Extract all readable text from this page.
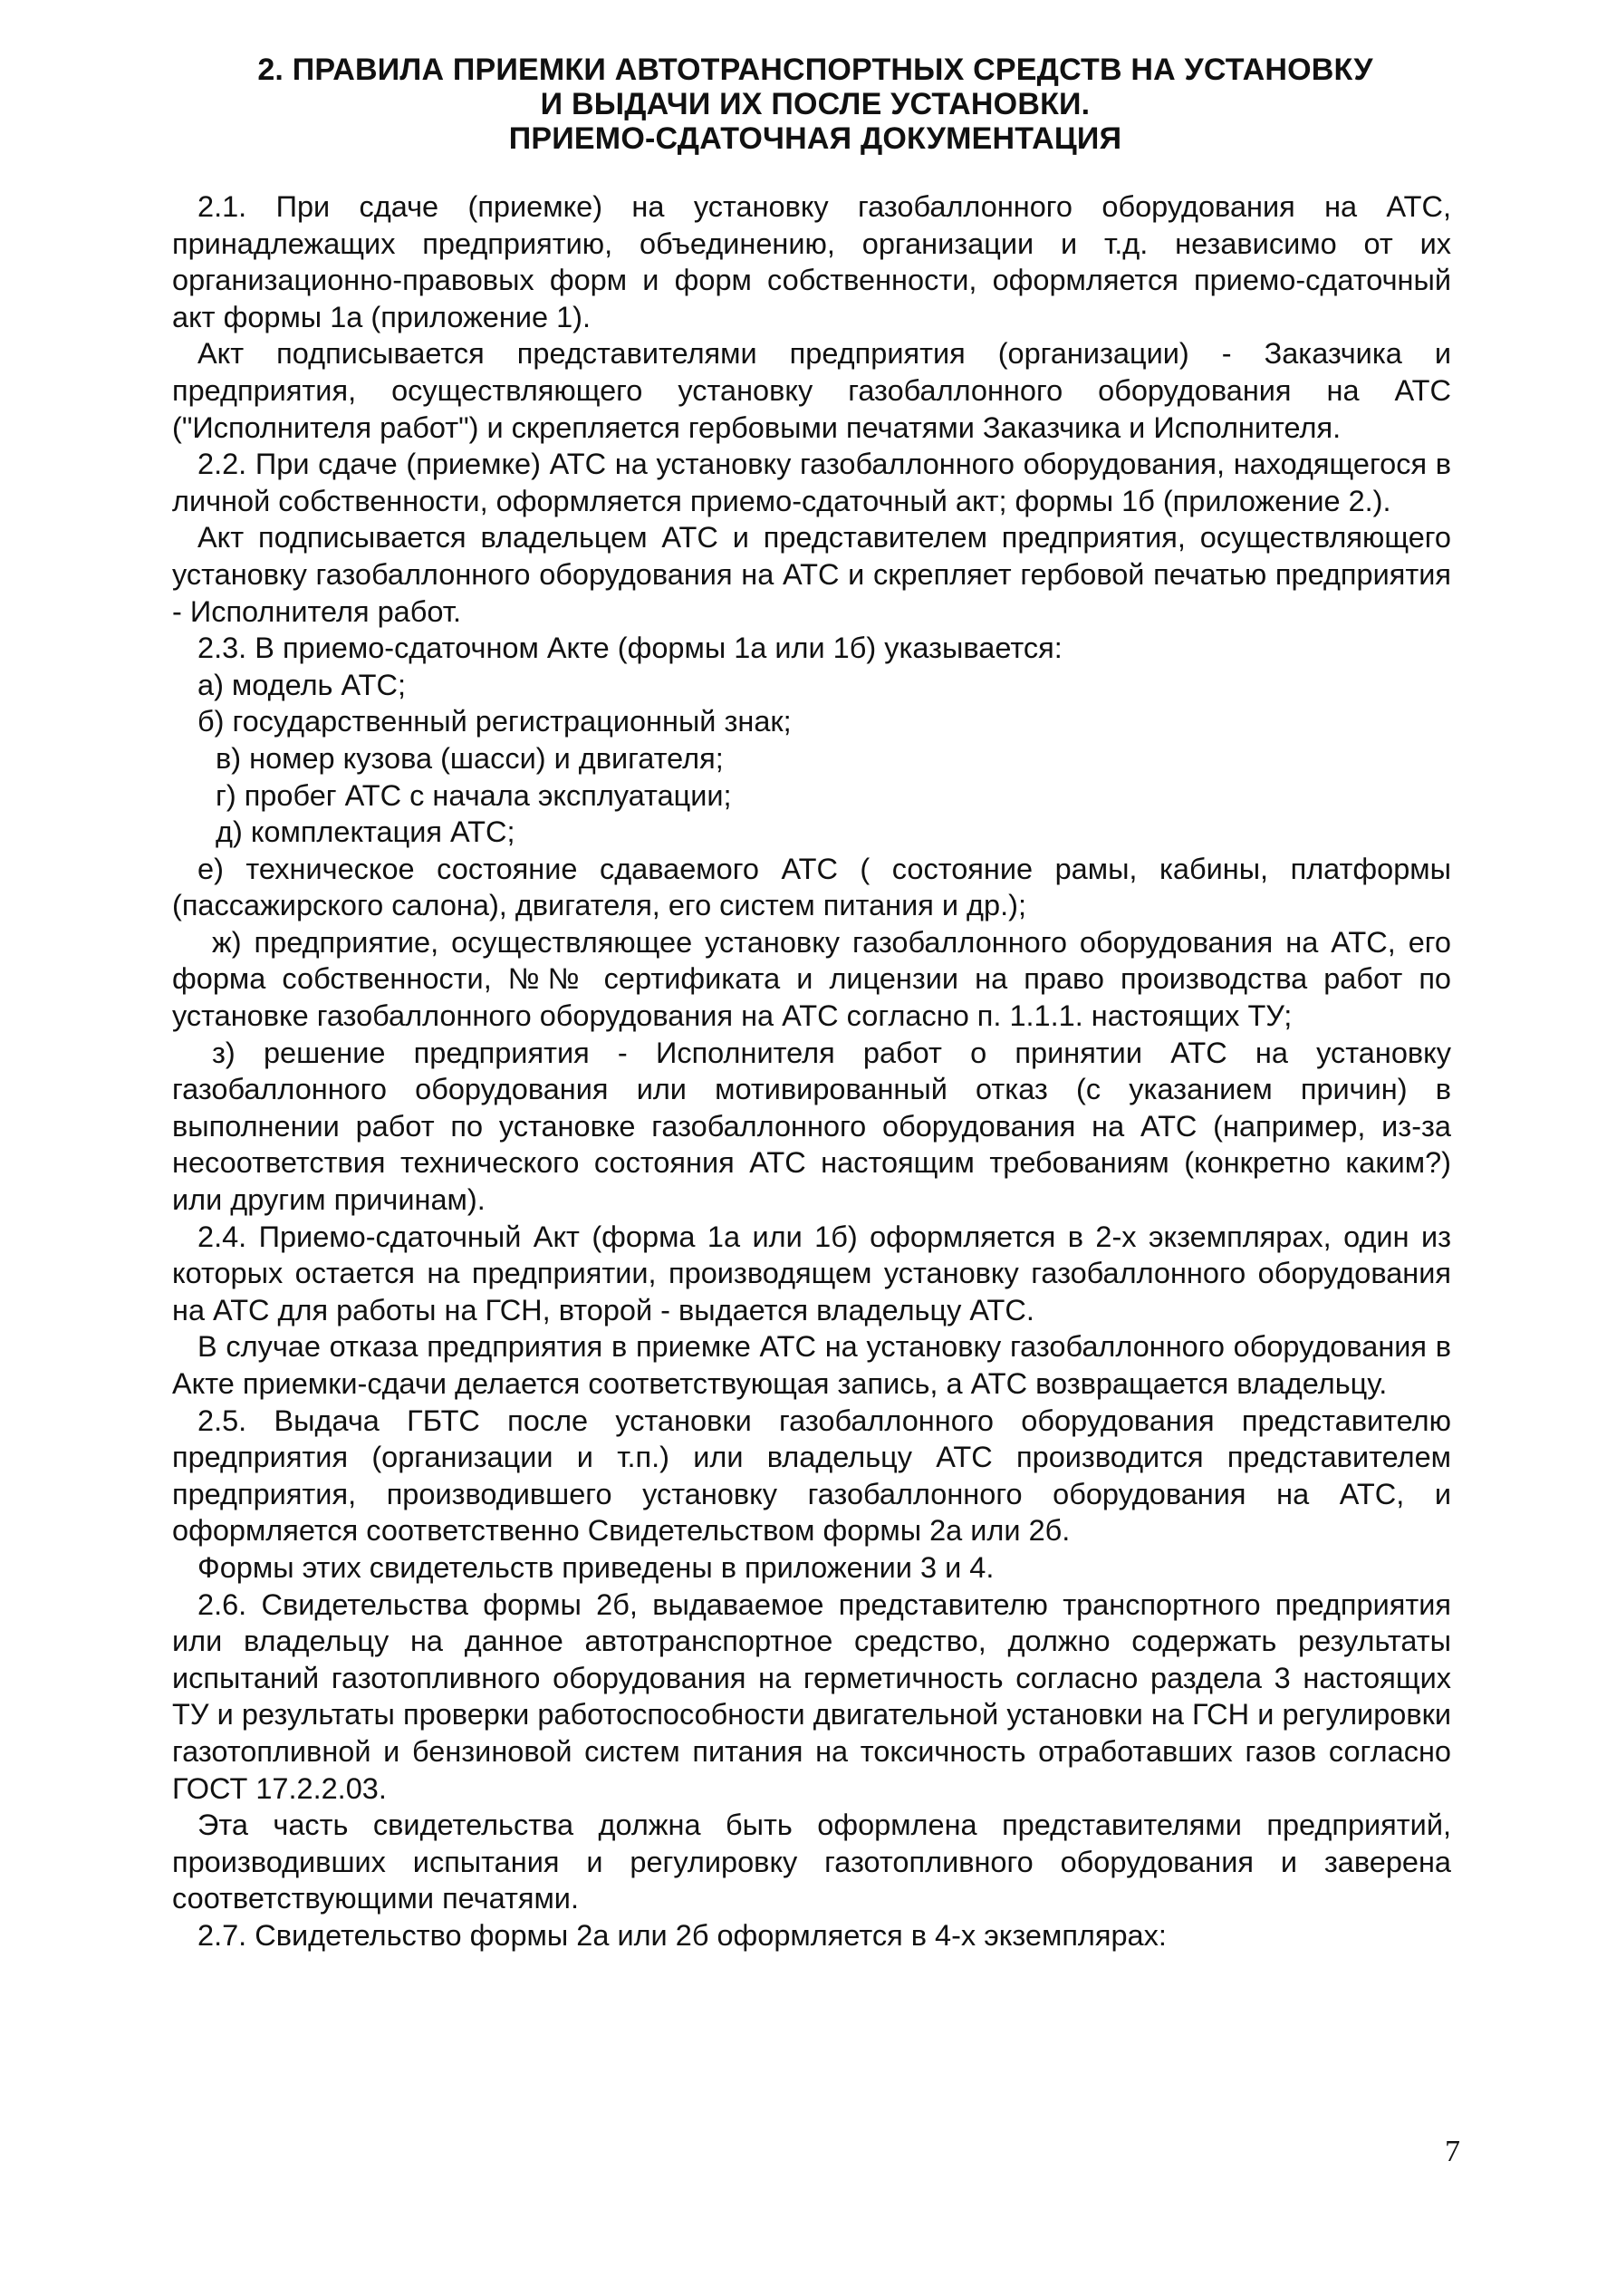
2. ПРАВИЛА ПРИЕМКИ АВТОТРАНСПОРТНЫХ СРЕДСТВ НА УСТАНОВКУ
И ВЫДАЧИ ИХ ПОСЛЕ УСТАНОВКИ.
ПРИЕМО-СДАТОЧНАЯ ДОКУМЕНТАЦИЯ

2.1. При сдаче (приемке) на установку газобаллонного оборудования на АТС, принадлежащих предприятию, объединению, организации и т.д. независимо от их организационно-правовых форм и форм собственности, оформляется приемо-сдаточный акт формы 1а (приложение 1).

Акт подписывается представителями предприятия (организации) - Заказчика и предприятия, осуществляющего установку газобаллонного оборудования на АТС ("Исполнителя работ") и скрепляется гербовыми печатями Заказчика и Исполнителя.

2.2. При сдаче (приемке) АТС на установку газобаллонного оборудования, находящегося в личной собственности, оформляется приемо-сдаточный акт; формы 1б (приложение 2.).

Акт подписывается владельцем АТС и представителем предприятия, осуществляющего установку газобаллонного оборудования на АТС и скрепляет гербовой печатью предприятия - Исполнителя работ.

2.3. В приемо-сдаточном Акте (формы 1а или 1б) указывается:

а) модель АТС;

б) государственный регистрационный знак;

в) номер кузова (шасси) и двигателя;

г) пробег АТС с начала эксплуатации;

д) комплектация АТС;

е) техническое состояние сдаваемого АТС ( состояние рамы, кабины, платформы (пассажирского салона), двигателя, его систем питания и др.);

ж) предприятие, осуществляющее установку газобаллонного оборудования на АТС, его форма собственности, №№ сертификата и лицензии на право производства работ по установке газобаллонного оборудования на АТС согласно п. 1.1.1. настоящих ТУ;

з) решение предприятия - Исполнителя работ о принятии АТС на установку газобаллонного оборудования или мотивированный отказ (с указанием причин) в выполнении работ по установке газобаллонного оборудования на АТС (например, из-за несоответствия технического состояния АТС настоящим требованиям (конкретно каким?) или другим причинам).

2.4. Приемо-сдаточный Акт (форма 1а или 1б) оформляется в 2-х экземплярах, один из которых остается на предприятии, производящем установку газобаллонного оборудования на АТС для работы на ГСН, второй - выдается владельцу АТС.

В случае отказа предприятия в приемке АТС на установку газобаллонного оборудования в Акте приемки-сдачи делается соответствующая запись, а АТС возвращается владельцу.

2.5. Выдача ГБТС после установки газобаллонного оборудования представителю предприятия (организации и т.п.) или владельцу АТС производится представителем предприятия, производившего установку газобаллонного оборудования на АТС, и оформляется соответственно Свидетельством формы 2а или 2б.

Формы этих свидетельств приведены в приложении 3 и 4.

2.6. Свидетельства формы 2б, выдаваемое представителю транспортного предприятия или владельцу на данное автотранспортное средство, должно содержать результаты испытаний газотопливного оборудования на герметичность согласно раздела 3 настоящих ТУ и результаты проверки работоспособности двигательной установки на ГСН и регулировки газотопливной и бензиновой систем питания на токсичность отработавших газов согласно ГОСТ 17.2.2.03.

Эта часть свидетельства должна быть оформлена представителями предприятий, производивших испытания и регулировку газотопливного оборудования и заверена соответствующими печатями.

2.7. Свидетельство формы 2а или 2б оформляется в 4-х экземплярах:

7
